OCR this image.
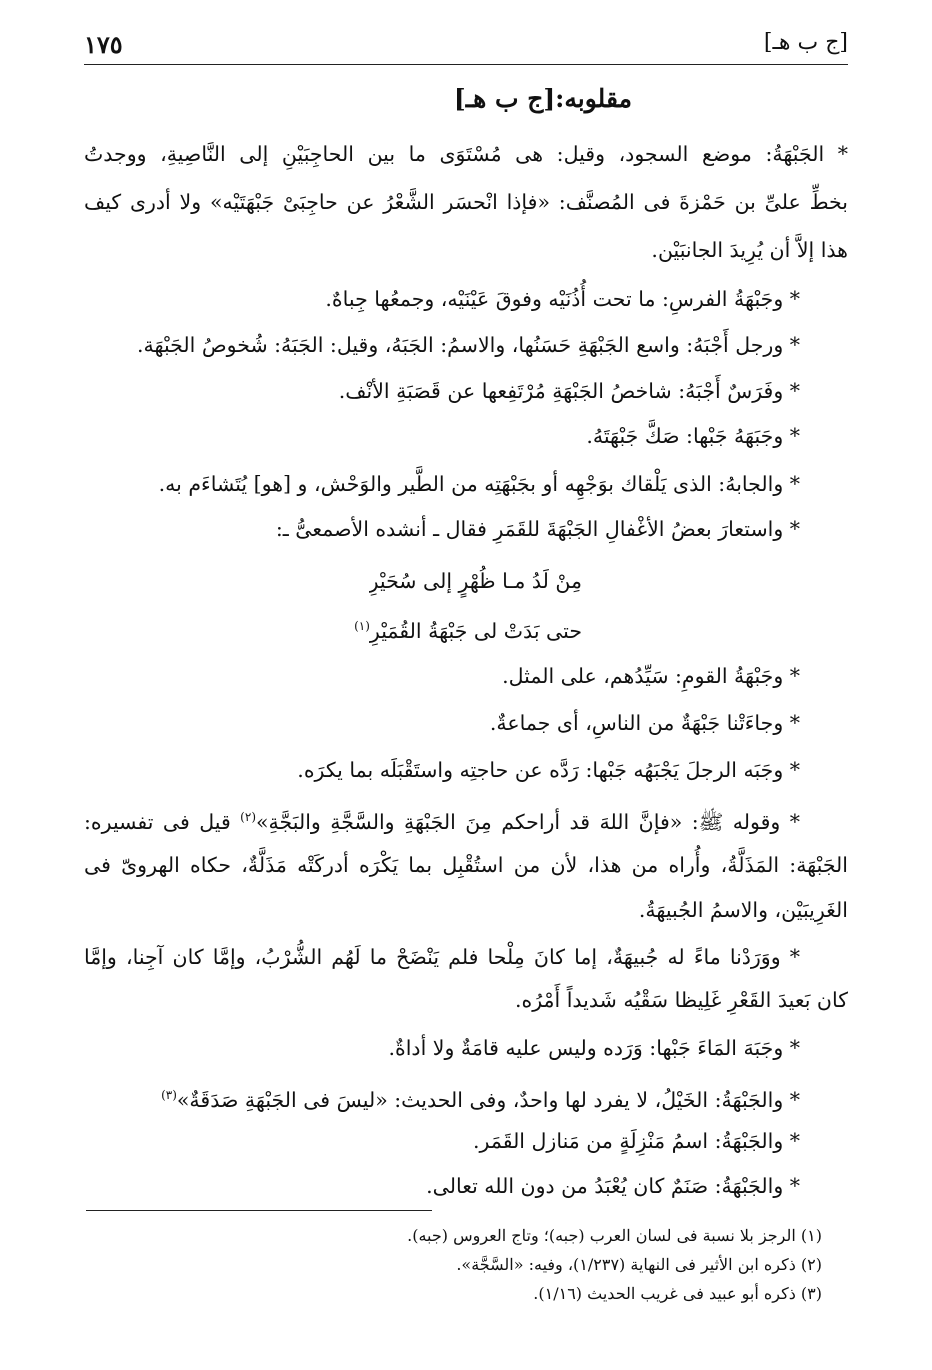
[ج ب هـ]
١٧٥
مقلوبه:[ج ب هـ]
* الجَبْهَةُ: موضع السجود، وقيل: هى مُسْتَوَى ما بين الحاجِبَيْنِ إلى النَّاصِيةِ، ووجدتُ
بخطِّ علىِّ بن حَمْزةَ فى المُصنَّف: «فإذا انْحسَر الشَّعْرُ عن حاجِبَىْ جَبْهَتَيْه» ولا أدرى كيف
هذا إلاَّ أن يُرِيدَ الجانبَيْن.
* وجَبْهَةُ الفرسِ: ما تحت أُذُنَيْه وفوقَ عَيْنَيْه، وجمعُها جِباهٌ.
* ورجل أَجْبَهُ: واسع الجَبْهَةِ حَسَنُها، والاسمُ: الجَبَهُ، وقيل: الجَبَهُ: شُخوصُ الجَبْهَة.
* وفَرَسٌ أَجْبَهُ: شاخصُ الجَبْهَةِ مُرْتَفِعها عن قَصَبَةِ الأنْف.
* وجَبَهَهُ جَبْها: صَكَّ جَبْهَتَهُ.
* والجابهُ: الذى يَلْقاك بوَجْهِه أو بجَبْهَتِه من الطَّير والوَحْش، و [هو] يُتَشاءَم به.
* واستعارَ بعضُ الأغْفالِ الجَبْهَةَ للقَمَرِ فقال ـ أنشده الأصمعىُّ ـ:
مِنْ لَدُ مـا ظُهْرٍ إلى سُحَيْرِ
حتى بَدَتْ لى جَبْهَةُ القُمَيْرِ$^{(١)}$
* وجَبْهَةُ القومِ: سَيِّدُهم، على المثل.
* وجاءَتْنا جَبْهَةٌ من الناسِ، أى جماعةٌ.
* وجَبَه الرجلَ يَجْبَهُه جَبْها: رَدَّه عن حاجتِه واستَقْبَلَه بما يكرَه.
* وقوله ﷺ: «فإنَّ اللهَ قد أراحكم مِنَ الجَبْهَةِ والسَّجَّةِ والبَجَّةِ»$^{(٢)}$ قيل فى تفسيره:
الجَبْهَة: المَذَلَّةُ، وأُراه من هذا، لأن من استُقْبِل بما يَكْرَه أدركَتْه مَذَلَّةٌ، حكاه الهروىّ فى
الغَرِيبَيْن، والاسمُ الجُبيهَةُ.
* ووَرَدْنا ماءً له جُبيهَةٌ، إما كانَ مِلْحا فلم يَنْضَحْ ما لَهُم الشُّرْبُ، وإمَّا كان آجِنا، وإمَّا
كان بَعيدَ القَعْرِ غَلِيظا سَقْيُه شَديداً أَمْرُه.
* وجَبَهَ المَاءَ جَبْها: وَرَده وليس عليه قامَةٌ ولا أداةٌ.
* والجَبْهَةُ: الخَيْلُ، لا يفرد لها واحدٌ، وفى الحديث: «ليسَ فى الجَبْهَةِ صَدَقَةٌ»$^{(٣)}$
* والجَبْهَةُ: اسمُ مَنْزِلَةٍ من مَنازل القَمَر.
* والجَبْهَةُ: صَنَمٌ كان يُعْبَدُ من دون الله تعالى.
(١) الرجز بلا نسبة فى لسان العرب (جبه)؛ وتاج العروس (جبه).
(٢) ذكره ابن الأثير فى النهاية (١/٢٣٧)، وفيه: «السَّجَّة».
(٣) ذكره أبو عبيد فى غريب الحديث (١/١٦).
